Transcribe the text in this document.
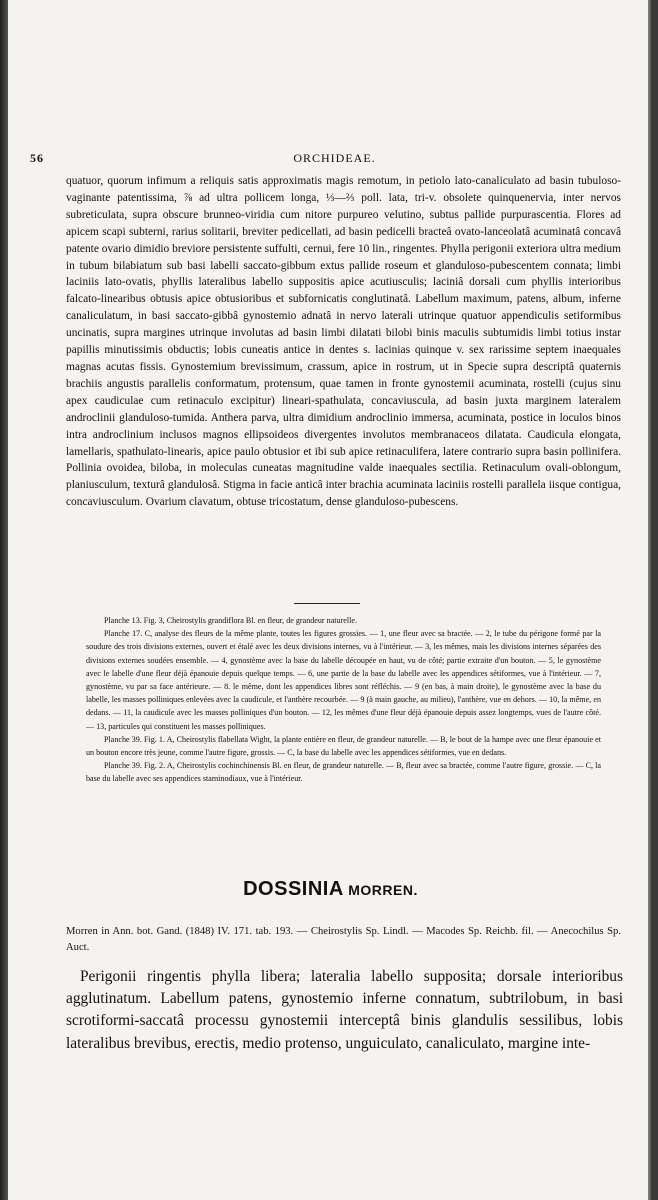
56	ORCHIDEAE.

quatuor, quorum infimum a reliquis satis approximatis magis remotum, in petiolo lato-canaliculato ad basin tubuloso- vaginante patentissima, ⅞ ad ultra pollicem longa, ⅓—⅔ poll. lata, tri-v. obsolete quinquenervia, inter nervos subreticulata, supra obscure brunneo-viridia cum nitore purpureo velutino, subtus pallide purpurascentia. Flores ad apicem scapi subterni, rarius solitarii, breviter pedicellati, ad basin pedicelli bracteâ ovato-lanceolatâ acuminatâ concavâ patente ovario dimidio breviore persistente suffulti, cernui, fere 10 lin., ringentes. Phylla perigonii exteriora ultra medium in tubum bilabiatum sub basi labelli saccato-gibbum extus pallide roseum et glanduloso-pubescentem connata; limbi laciniis lato-ovatis, phyllis lateralibus labello suppositis apice acutiusculis; laciniâ dorsali cum phyllis interioribus falcato-linearibus obtusis apice obtusioribus et subfornicatis conglutinatâ. Labellum maximum, patens, album, inferne canaliculatum, in basi saccato-gibbâ gynostemio adnatâ in nervo laterali utrinque quatuor appendiculis setiformibus uncinatis, supra margines utrinque involutas ad basin limbi dilatati bilobi binis maculis subtumidis limbi totius instar papillis minutissimis obductis; lobis cuneatis antice in dentes s. lacinias quinque v. sex rarissime septem inaequales magnas acutas fissis. Gynostemium brevissimum, crassum, apice in rostrum, ut in Specie supra descriptâ quaternis brachiis angustis parallelis conformatum, protensum, quae tamen in fronte gynostemii acuminata, rostelli (cujus sinu apex caudiculae cum retinaculo excipitur) lineari-spathulata, concaviuscula, ad basin juxta marginem lateralem androclinii glanduloso-tumida. Anthera parva, ultra dimidium androclinio immersa, acuminata, postice in loculos binos intra androclinium inclusos magnos ellipsoideos divergentes involutos membranaceos dilatata. Caudicula elongata, lamellaris, spathulato-linearis, apice paulo obtusior et ibi sub apice retinaculifera, latere contrario supra basin pollinifera. Pollinia ovoidea, biloba, in moleculas cuneatas magnitudine valde inaequales sectilia. Retinaculum ovali-oblongum, planiusculum, texturâ glandulosâ. Stigma in facie anticâ inter brachia acuminata laciniis rostelli parallela iisque contigua, concaviusculum. Ovarium clavatum, obtuse tricostatum, dense glanduloso-pubescens.

Planche 13. Fig. 3, Cheirostylis grandiflora Bl. en fleur, de grandeur naturelle.

Planche 17. C, analyse des fleurs de la même plante, toutes les figures grossies. — 1, une fleur avec sa bractée. — 2, le tube du périgone formé par la soudure des trois divisions externes, ouvert et étalé avec les deux divisions internes, vu à l'intérieur. — 3, les mêmes, mais les divisions internes séparées des divisions externes soudées ensemble. — 4, gynostème avec la base du labelle découpée en haut, vu de côté; partie extraite d'un bouton. — 5, le gynostème avec le labelle d'une fleur déjà épanouie depuis quelque temps. — 6, une partie de la base du labelle avec les appendices sétiformes, vue à l'intérieur. — 7, gynostème, vu par sa face antérieure. — 8. le même, dont les appendices libres sont réfléchis. — 9 (en bas, à main droite), le gynostème avec la base du labelle, les masses polliniques enlevées avec la caudicule, et l'anthère recourbée. — 9 (à main gauche, au milieu), l'anthère, vue en dehors. — 10, la même, en dedans. — 11, la caudicule avec les masses polliniques d'un bouton. — 12, les mêmes d'une fleur déjà épanouie depuis assez longtemps, vues de l'autre côté. — 13, particules qui constituent les masses polliniques.

Planche 39. Fig. 1. A, Cheirostylis flabellata Wight, la plante entière en fleur, de grandeur naturelle. — B, le bout de la hampe avec une fleur épanouie et un bouton encore très jeune, comme l'autre figure, grossis. — C, la base du labelle avec les appendices sétiformes, vue en dedans.

Planche 39. Fig. 2. A, Cheirostylis cochinchinensis Bl. en fleur, de grandeur naturelle. — B, fleur avec sa bractée, comme l'autre figure, grossie. — C, la base du labelle avec ses appendices staminodiaux, vue à l'intérieur.

DOSSINIA MORREN.
Morren in Ann. bot. Gand. (1848) IV. 171. tab. 193. — Cheirostylis Sp. Lindl. — Macodes Sp. Reichb. fil. — Anecochilus Sp. Auct.

Perigonii ringentis phylla libera; lateralia labello supposita; dorsale interioribus agglutinatum. Labellum patens, gynostemio inferne connatum, subtrilobum, in basi scrotiformi-saccatâ processu gynostemii interceptâ binis glandulis sessilibus, lobis lateralibus brevibus, erectis, medio protenso, unguiculato, canaliculato, margine inte-
